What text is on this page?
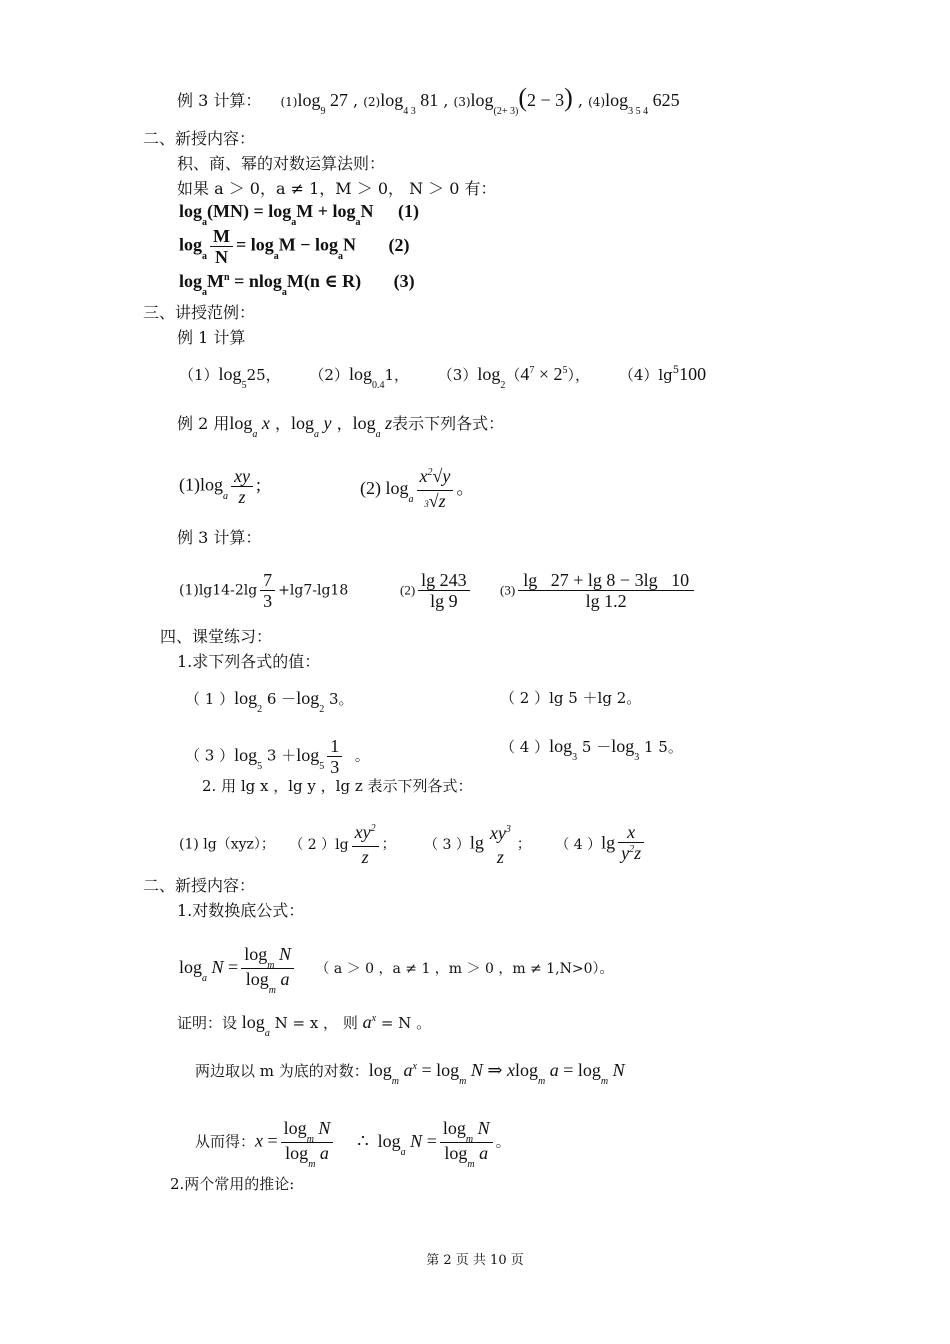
例 3 计算： $(1)\log_9$ 27 , $(2)\log_{4 3}$ 81 , $(3)\log_{(2+ 3)}(2 - 3)$ , $(4)\log_{3 5 4}$ 625
二、新授内容：
积、商、幂的对数运算法则：
如果 a ＞ 0，a ≠ 1，M ＞ 0， N ＞ 0 有：
$\log_a(MN) = \log_aM + \log_aN$ (1)
$\log_a \frac{M}{N} = \log_aM - \log_aN$ (2)
$\log_aM^n = nlog_aM(n$ ∈ R) (3)
三、讲授范例：
例 1 计算
$(1)\log_525$， $(2)\log_{0.4}1$， $(3)\log_2(4^7 \times 2^5)$， $(4)\lg^5100$
例 2 用$\log_a x$ ，$\log_a y$ ，$\log_a z$表示下列各式：
$(1)\log_a \frac{xy}{z}$ ;	(2) $\log_a \frac{x^2√y}{3√z}$ 。
例 3 计算：
$(1)\lg 14-2\lg \frac{7}{3} +\lg 7-\lg 18$	$(2) \frac{\lg 243}{\lg 9} (3) \frac{\lg 27 + \lg 8 - 3\lg 10}{\lg 1.2}$
四、课堂练习：
1.求下列各式的值：
（ 1 ）$\log_2$ $6 -\log_2$ 3。	（ 2 ）lg 5 ＋lg 2。
（ 3 ）$\log_5$ $3 +\log_5 \frac{1}{3}$ 。	（ 4 ）$\log_3$ $5 -\log_3$ 1 5。
2. 用 lg x ，lg y ，lg z 表示下列各式：
(1) lg（xyz）； （ 2 ）$\lg \frac{xy^2}{z}$ ； （ 3 ）lg $xy^3$
z
； （ 4 ）$\lg \frac{x}{y^2z}$
二、新授内容：
1.对数换底公式：
$\log_a N = \frac{\log_m N}{\log_m a}$ （ a ＞ 0 ，a ≠ 1 ，m ＞ 0 ，m ≠ 1,N>0）。
证明：设 $\log_a N = x$ ， 则 $a^x = N$ 。
两边取以 m 为底的对数：$\log_m a^x = \log_m N$ ⇒ xlog$_m$ $a = \log_m N$
从而得：$x = \frac{\log_m N}{\log_m a}$ ∴  $\log_a N = \frac{\log_m N}{\log_m a}$ 。
2.两个常用的推论:
第 2 页 共 10 页
